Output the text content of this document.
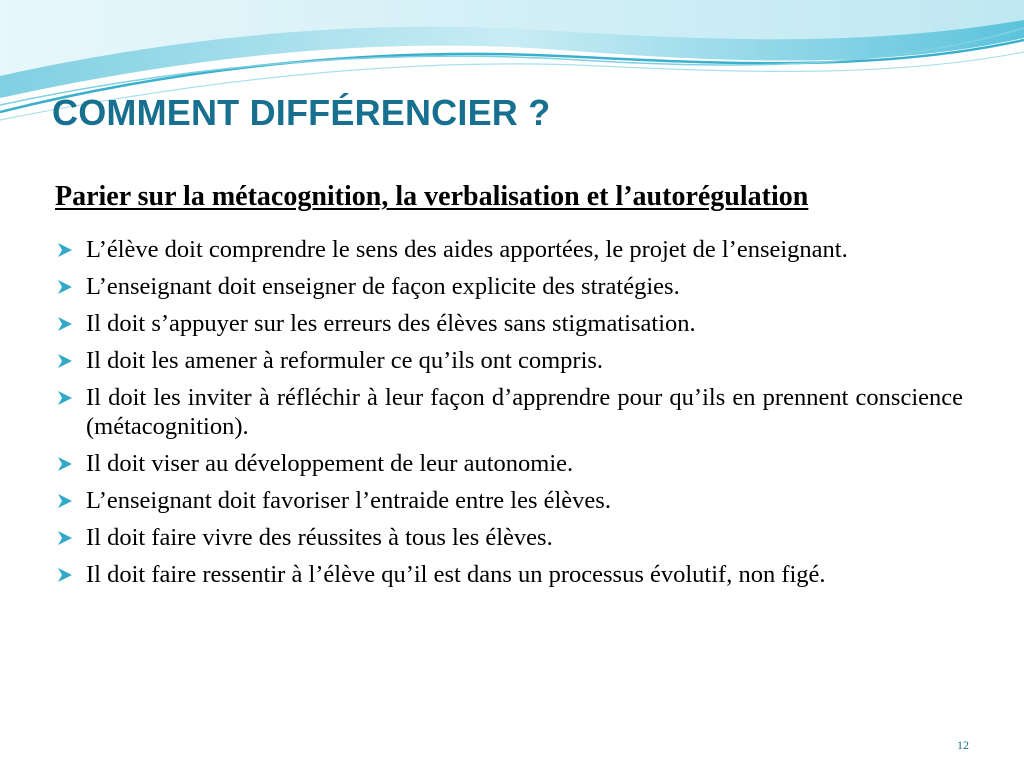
COMMENT DIFFÉRENCIER ?
Parier sur la métacognition, la verbalisation et l’autorégulation
L’élève doit comprendre le sens des aides apportées, le projet de l’enseignant.
L’enseignant doit enseigner de façon explicite des stratégies.
Il doit s’appuyer sur les erreurs des élèves sans stigmatisation.
Il doit les amener à reformuler ce qu’ils ont compris.
Il doit les inviter à réfléchir à leur façon d’apprendre pour qu’ils en prennent conscience (métacognition).
Il doit viser au développement de leur autonomie.
L’enseignant doit favoriser l’entraide entre les élèves.
Il doit faire vivre des réussites à tous les élèves.
Il doit faire ressentir à l’élève qu’il est dans un processus évolutif, non figé.
12
